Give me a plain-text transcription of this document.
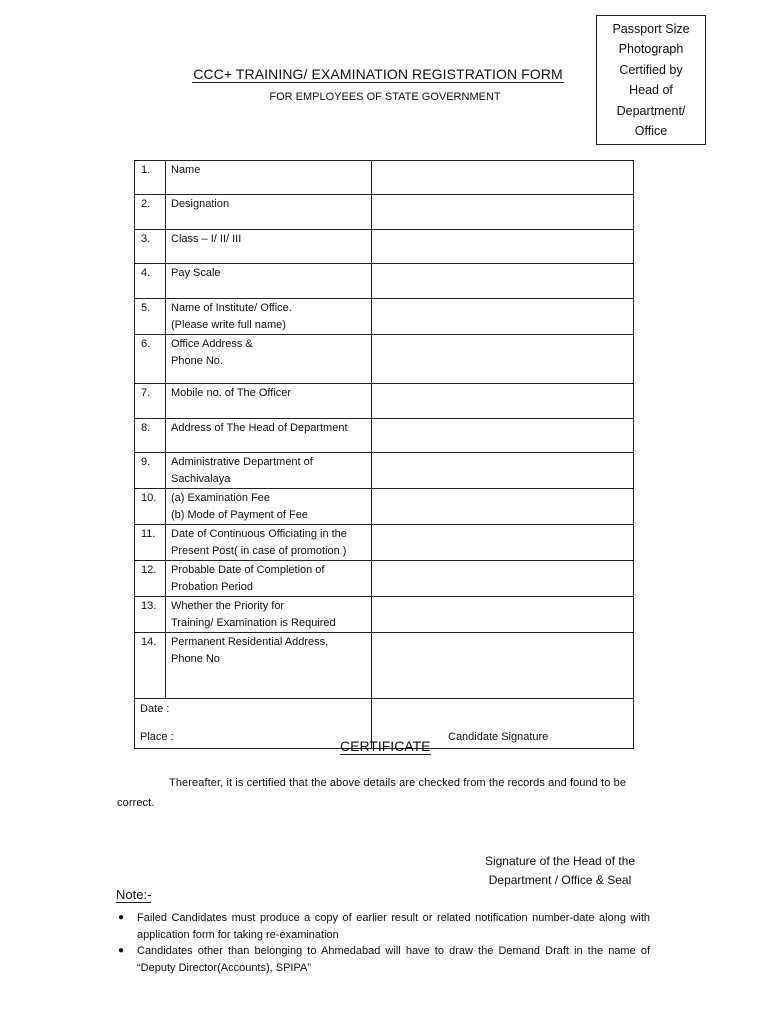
Passport Size
Photograph
Certified by
Head of
Department/
Office
CCC+ TRAINING/ EXAMINATION REGISTRATION FORM
FOR EMPLOYEES OF STATE GOVERNMENT
1.	Name	
2.	Designation	
3.	Class – I/ II/ III	
4.	Pay Scale	
5.	Name of Institute/ Office.
(Please write full name)	
6.	Office Address &
Phone No.	
7.	Mobile no. of The Officer	
8.	Address of The Head of Department	
9.	Administrative Department of
Sachivalaya	
10.	(a) Examination Fee
(b) Mode of Payment of Fee	
11.	Date of Continuous Officiating in the
Present Post( in case of promotion )	
12.	Probable Date of Completion of
Probation Period	
13.	Whether the Priority for
Training/ Examination is Required	
14.	Permanent Residential Address,
Phone No	

Date :
Place :		Candidate Signature
CERTIFICATE
Thereafter, it is certified that the above details are checked from the records and found to be correct.
Signature of the Head of the
Department / Office & Seal
Note:-
● Failed Candidates must produce a copy of earlier result or related notification number-date along with application form for taking re-examination
● Candidates other than belonging to Ahmedabad will have to draw the Demand Draft in the name of “Deputy Director(Accounts), SPIPA”
